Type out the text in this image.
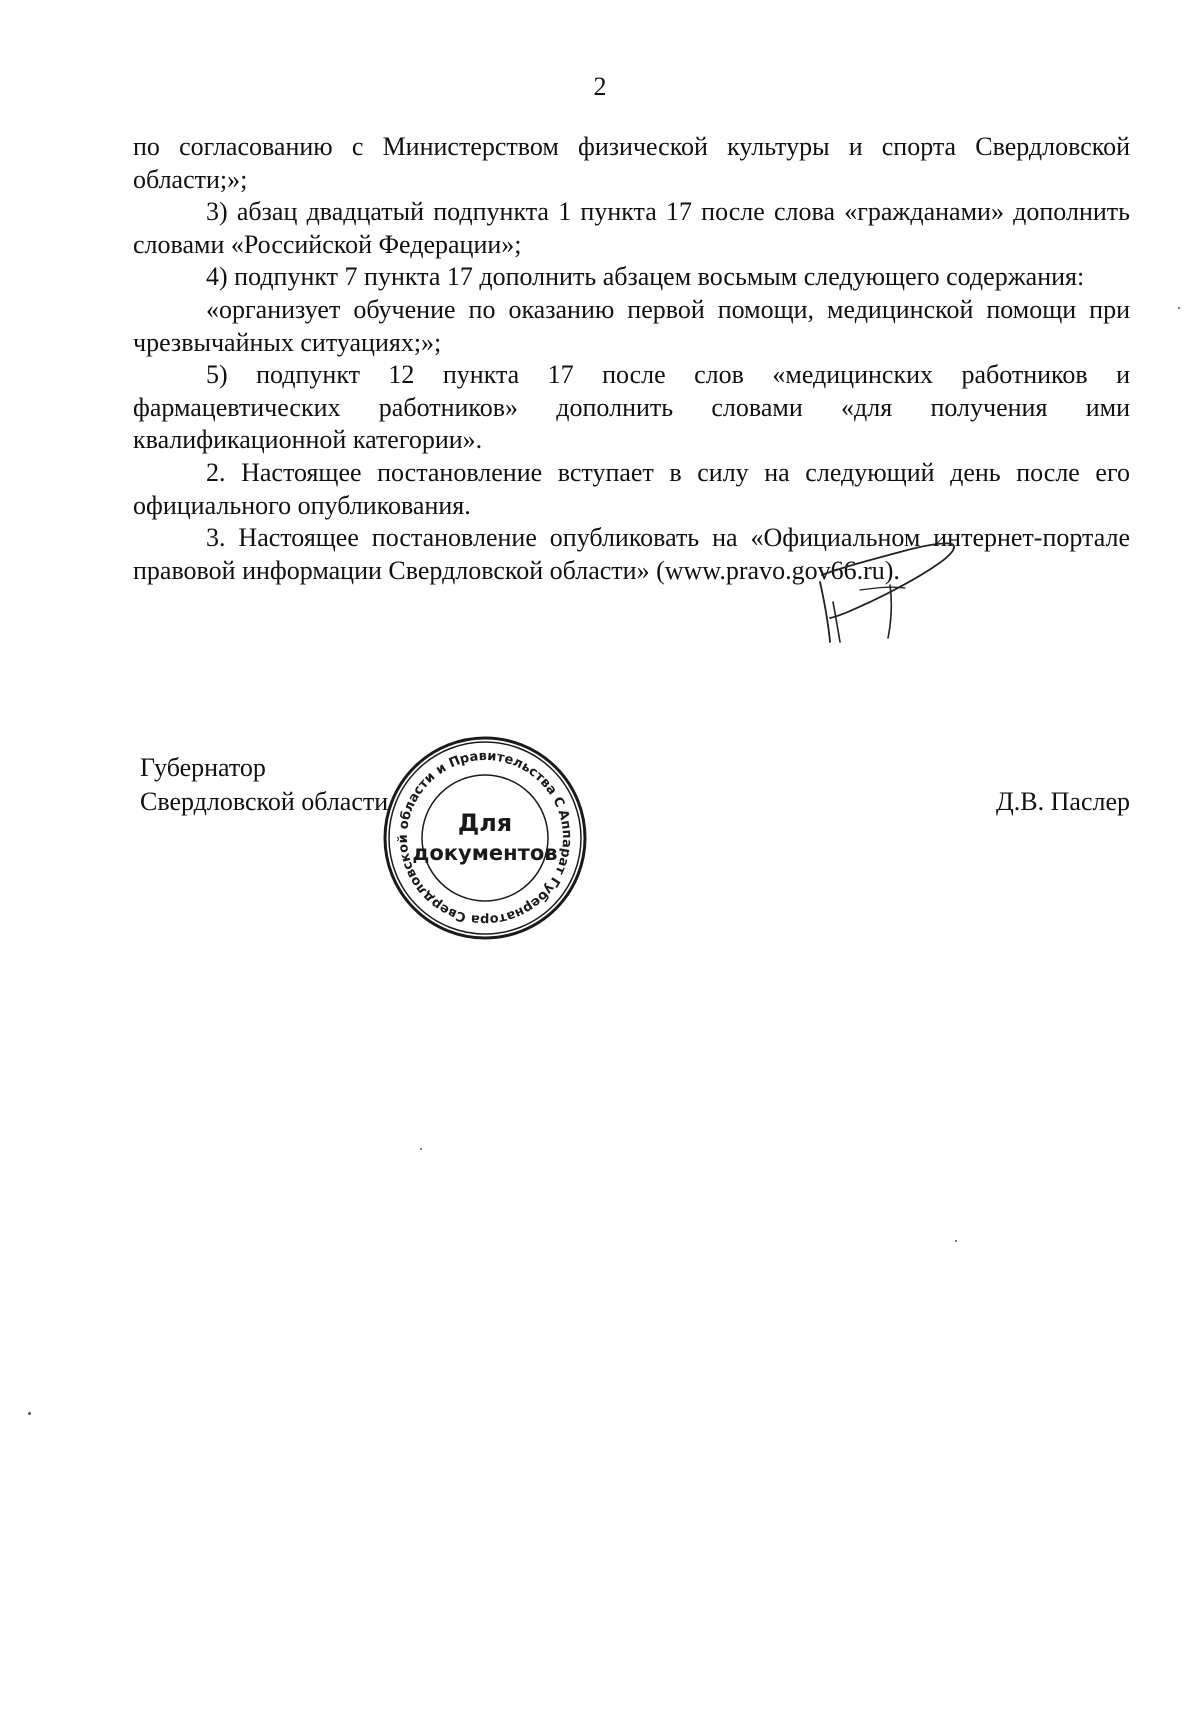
2

по согласованию с Министерством физической культуры и спорта Свердловской области;»;

3) абзац двадцатый подпункта 1 пункта 17 после слова «гражданами» дополнить словами «Российской Федерации»;

4) подпункт 7 пункта 17 дополнить абзацем восьмым следующего содержания:

«организует обучение по оказанию первой помощи, медицинской помощи при чрезвычайных ситуациях;»;

5) подпункт 12 пункта 17 после слов «медицинских работников и фармацевтических работников» дополнить словами «для получения ими квалификационной категории».

2. Настоящее постановление вступает в силу на следующий день после его официального опубликования.

3. Настоящее постановление опубликовать на «Официальном интернет-портале правовой информации Свердловской области» (www.pravo.gov66.ru).

Губернатор
Свердловской области	Д.В. Паслер
Аппарат Губернатора Свердловской области и Правительства Свердловской
Для
документов
